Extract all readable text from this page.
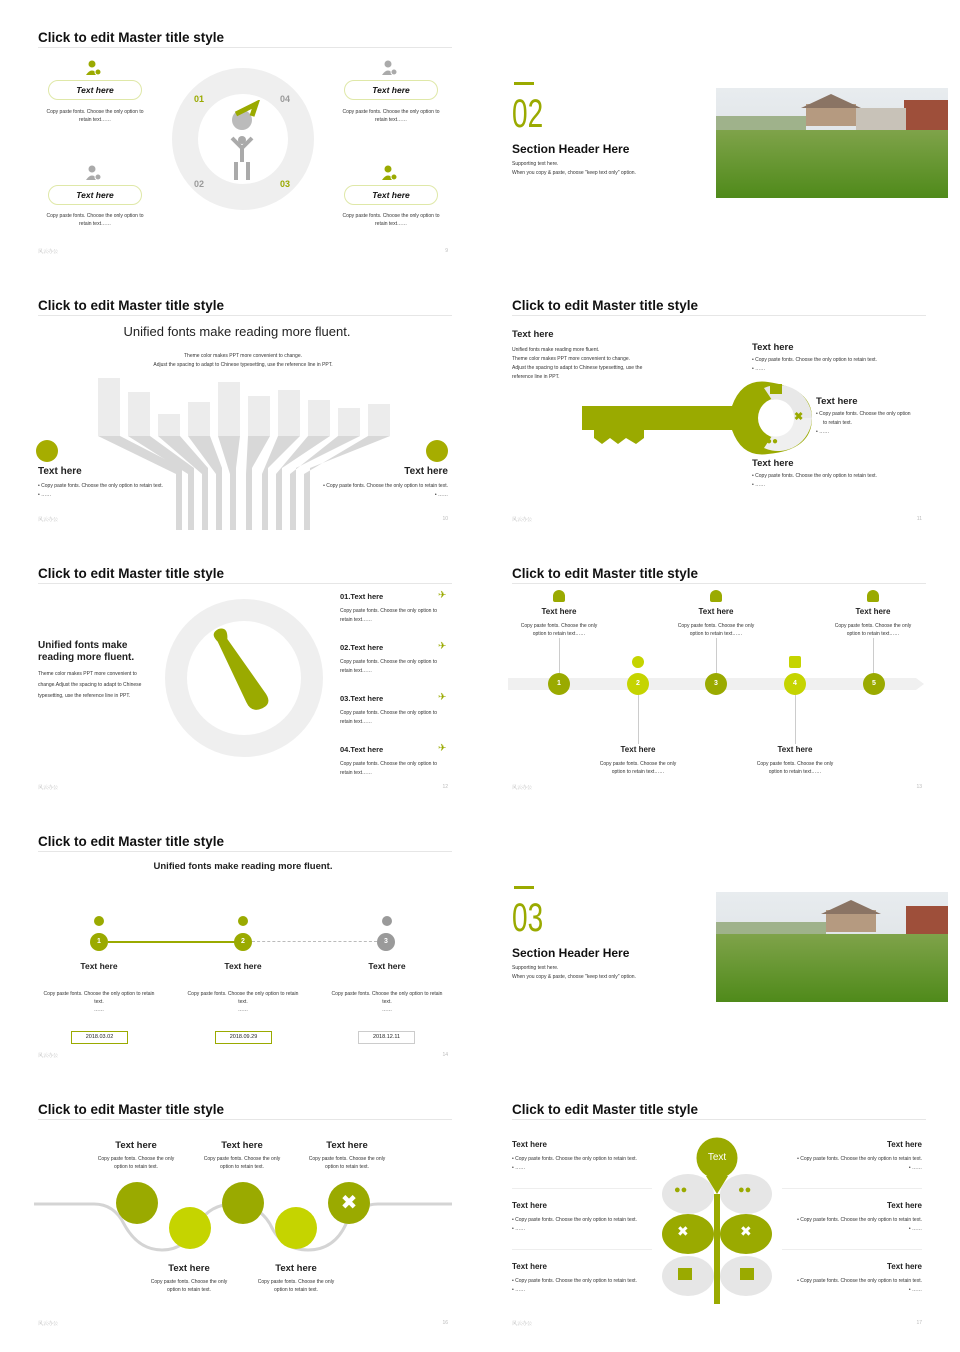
Click to edit Master title style
01	04
02	03
Text here
Copy paste fonts. Choose the only option to retain text……
Text here
Copy paste fonts. Choose the only option to retain text……
Text here
Copy paste fonts. Choose the only option to retain text……
Text here
Copy paste fonts. Choose the only option to retain text……
风云办公	9
02
Section Header Here
Supporting text here.
When you copy & paste, choose "keep text only" option.
Click to edit Master title style
Unified fonts make reading more fluent.
Theme color makes PPT more convenient to change.
Adjust the spacing to adapt to Chinese typesetting, use the reference line in PPT.
Text here
• Copy paste fonts. Choose the only option to retain text.
• ……
Text here
• Copy paste fonts. Choose the only option to retain text.
• ……
风云办公	10
Click to edit Master title style
Text here
Unified fonts make reading more fluent.
Theme color makes PPT more convenient to change.
Adjust the spacing to adapt to Chinese typesetting, use the
reference line in PPT.
✖
●●
Text here
• Copy paste fonts. Choose the only option to retain text.
• ……
Text here
• Copy paste fonts. Choose the only option
to retain text.
• ……
Text here
• Copy paste fonts. Choose the only option to retain text.
• ……
风云办公	11
Click to edit Master title style
Unified fonts make
reading more fluent.
Theme color makes PPT more convenient to
change.Adjust the spacing to adapt to Chinese
typesetting, use the reference line in PPT.
01.Text here	✈
Copy paste fonts. Choose the only option to
retain text……
02.Text here	✈
Copy paste fonts. Choose the only option to
retain text……
03.Text here	✈
Copy paste fonts. Choose the only option to
retain text……
04.Text here	✈
Copy paste fonts. Choose the only option to
retain text……
风云办公	12
Click to edit Master title style
1	2	3	4	5
Text here
Copy paste fonts. Choose the only
option to retain text……
Text here
Copy paste fonts. Choose the only
option to retain text……
Text here
Copy paste fonts. Choose the only
option to retain text……
Text here
Copy paste fonts. Choose the only
option to retain text……
Text here
Copy paste fonts. Choose the only
option to retain text……
风云办公	13
Click to edit Master title style
Unified fonts make reading more fluent.
1	2	3
Text here	Text here	Text here
Copy paste fonts. Choose the only option to retain
text.
……
Copy paste fonts. Choose the only option to retain
text.
……
Copy paste fonts. Choose the only option to retain
text.
……
2018.03.02	2018.09.29	2018.12.11
风云办公	14
03
Section Header Here
Supporting text here.
When you copy & paste, choose "keep text only" option.
Click to edit Master title style
✖
Text here
Copy paste fonts. Choose the only
option to retain text.
Text here
Copy paste fonts. Choose the only
option to retain text.
Text here
Copy paste fonts. Choose the only
option to retain text.
Text here
Copy paste fonts. Choose the only
option to retain text.
Text here
Copy paste fonts. Choose the only
option to retain text.
风云办公	16
Click to edit Master title style
Text
●●	●●
✖	✖
Text here
• Copy paste fonts. Choose the only option to retain text.
• ……
Text here
• Copy paste fonts. Choose the only option to retain text.
• ……
Text here
• Copy paste fonts. Choose the only option to retain text.
• ……
Text here
• Copy paste fonts. Choose the only option to retain text.
• ……
Text here
• Copy paste fonts. Choose the only option to retain text.
• ……
Text here
• Copy paste fonts. Choose the only option to retain text.
• ……
风云办公	17
